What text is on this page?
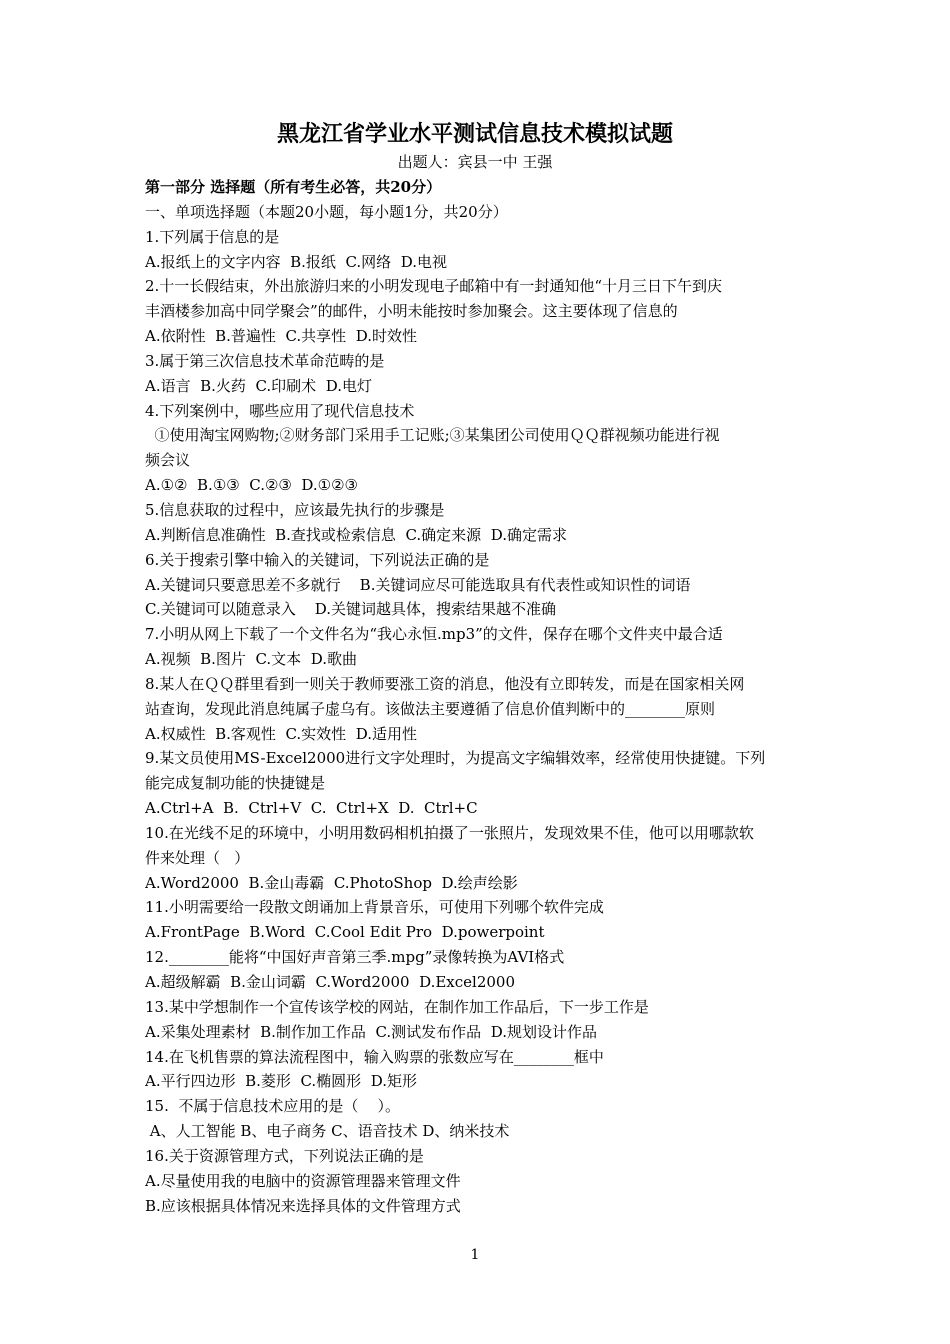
黑龙江省学业水平测试信息技术模拟试题
出题人：宾县一中 王强
第一部分 选择题（所有考生必答，共20分）
一、单项选择题（本题20小题，每小题1分，共20分）
1.下列属于信息的是
A.报纸上的文字内容  B.报纸  C.网络  D.电视
2.十一长假结束，外出旅游归来的小明发现电子邮箱中有一封通知他“十月三日下午到庆
丰酒楼参加高中同学聚会”的邮件，小明未能按时参加聚会。这主要体现了信息的
A.依附性  B.普遍性  C.共享性  D.时效性
3.属于第三次信息技术革命范畴的是
A.语言  B.火药  C.印刷术  D.电灯
4.下列案例中，哪些应用了现代信息技术
①使用淘宝网购物;②财务部门采用手工记账;③某集团公司使用ＱＱ群视频功能进行视
频会议
A.①②  B.①③  C.②③  D.①②③
5.信息获取的过程中，应该最先执行的步骤是
A.判断信息准确性  B.查找或检索信息  C.确定来源  D.确定需求
6.关于搜索引擎中输入的关键词，下列说法正确的是
A.关键词只要意思差不多就行    B.关键词应尽可能选取具有代表性或知识性的词语
C.关键词可以随意录入    D.关键词越具体，搜索结果越不准确
7.小明从网上下载了一个文件名为“我心永恒.mp3”的文件，保存在哪个文件夹中最合适
A.视频  B.图片  C.文本  D.歌曲
8.某人在ＱＱ群里看到一则关于教师要涨工资的消息，他没有立即转发，而是在国家相关网
站查询，发现此消息纯属子虚乌有。该做法主要遵循了信息价值判断中的________原则
A.权威性  B.客观性  C.实效性  D.适用性
9.某文员使用MS-Excel2000进行文字处理时，为提高文字编辑效率，经常使用快捷键。下列
能完成复制功能的快捷键是
A.Ctrl+A  B.  Ctrl+V  C.  Ctrl+X  D.  Ctrl+C
10.在光线不足的环境中，小明用数码相机拍摄了一张照片，发现效果不佳，他可以用哪款软
件来处理（   ）
A.Word2000  B.金山毒霸  C.PhotoShop  D.绘声绘影
11.小明需要给一段散文朗诵加上背景音乐，可使用下列哪个软件完成
A.FrontPage  B.Word  C.Cool Edit Pro  D.powerpoint
12.________能将“中国好声音第三季.mpg”录像转换为AVI格式
A.超级解霸  B.金山词霸  C.Word2000  D.Excel2000
13.某中学想制作一个宣传该学校的网站，在制作加工作品后，下一步工作是
A.采集处理素材  B.制作加工作品  C.测试发布作品  D.规划设计作品
14.在飞机售票的算法流程图中，输入购票的张数应写在________框中
A.平行四边形  B.菱形  C.椭圆形  D.矩形
15.  不属于信息技术应用的是（    ）。
A、人工智能 B、电子商务 C、语音技术 D、纳米技术
16.关于资源管理方式，下列说法正确的是
A.尽量使用我的电脑中的资源管理器来管理文件
B.应该根据具体情况来选择具体的文件管理方式
1
